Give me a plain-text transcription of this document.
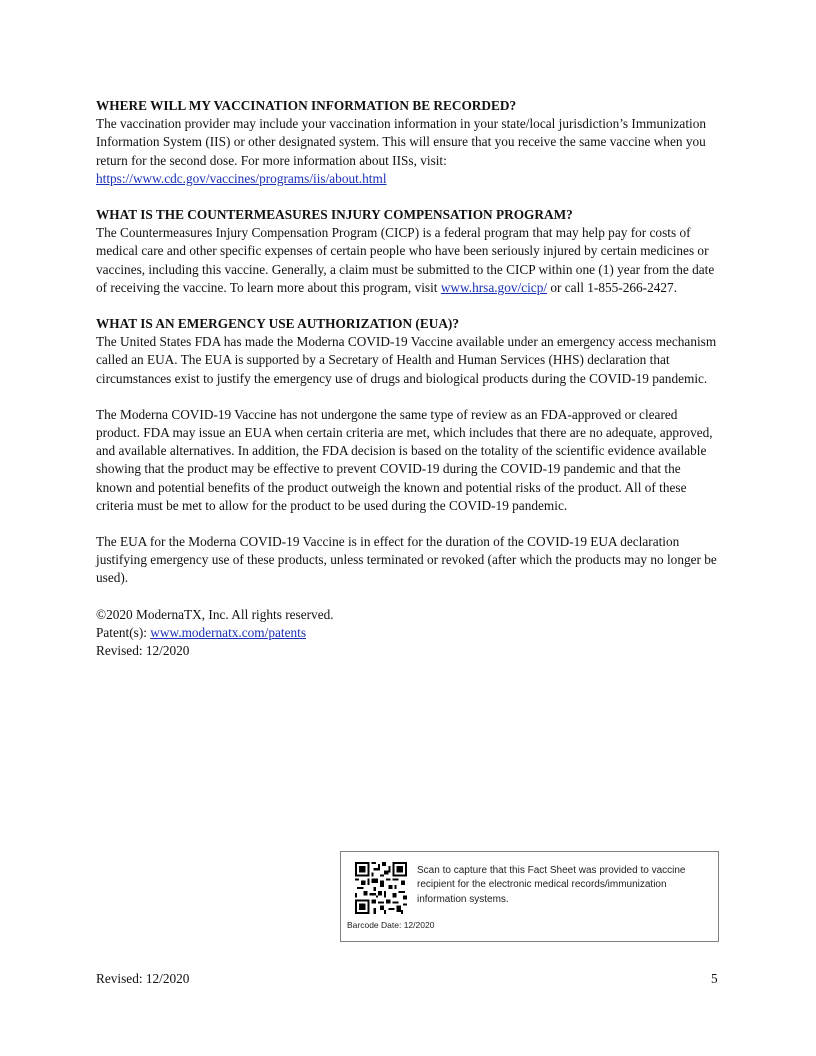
WHERE WILL MY VACCINATION INFORMATION BE RECORDED?

The vaccination provider may include your vaccination information in your state/local jurisdiction’s Immunization Information System (IIS) or other designated system. This will ensure that you receive the same vaccine when you return for the second dose. For more information about IISs, visit: https://www.cdc.gov/vaccines/programs/iis/about.html

WHAT IS THE COUNTERMEASURES INJURY COMPENSATION PROGRAM?

The Countermeasures Injury Compensation Program (CICP) is a federal program that may help pay for costs of medical care and other specific expenses of certain people who have been seriously injured by certain medicines or vaccines, including this vaccine. Generally, a claim must be submitted to the CICP within one (1) year from the date of receiving the vaccine. To learn more about this program, visit www.hrsa.gov/cicp/ or call 1-855-266-2427.

WHAT IS AN EMERGENCY USE AUTHORIZATION (EUA)?

The United States FDA has made the Moderna COVID-19 Vaccine available under an emergency access mechanism called an EUA. The EUA is supported by a Secretary of Health and Human Services (HHS) declaration that circumstances exist to justify the emergency use of drugs and biological products during the COVID-19 pandemic.

The Moderna COVID-19 Vaccine has not undergone the same type of review as an FDA-approved or cleared product. FDA may issue an EUA when certain criteria are met, which includes that there are no adequate, approved, and available alternatives. In addition, the FDA decision is based on the totality of the scientific evidence available showing that the product may be effective to prevent COVID-19 during the COVID-19 pandemic and that the known and potential benefits of the product outweigh the known and potential risks of the product. All of these criteria must be met to allow for the product to be used during the COVID-19 pandemic.

The EUA for the Moderna COVID-19 Vaccine is in effect for the duration of the COVID-19 EUA declaration justifying emergency use of these products, unless terminated or revoked (after which the products may no longer be used).

©2020 ModernaTX, Inc. All rights reserved.

Patent(s): www.modernatx.com/patents

Revised: 12/2020

Scan to capture that this Fact Sheet was provided to vaccine recipient for the electronic medical records/immunization information systems.
Barcode Date: 12/2020
Revised: 12/2020	5
